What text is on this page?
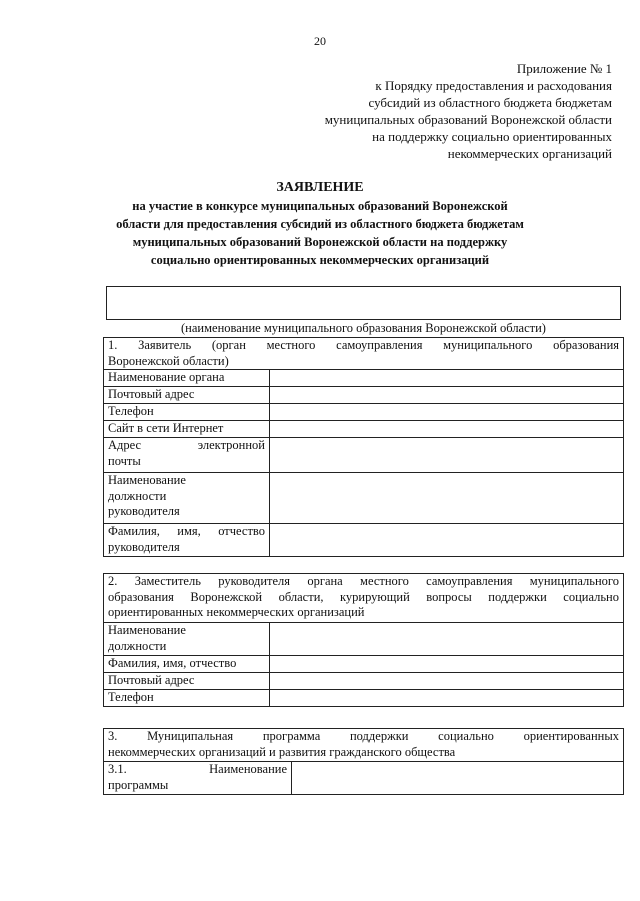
20
Приложение № 1
к Порядку предоставления и расходования
субсидий из областного бюджета бюджетам
муниципальных образований Воронежской области
на поддержку социально ориентированных
некоммерческих организаций
ЗАЯВЛЕНИЕ
на участие в конкурсе муниципальных образований Воронежской
области для предоставления субсидий из областного бюджета бюджетам
муниципальных образований Воронежской области на поддержку
социально ориентированных некоммерческих организаций
(наименование муниципального образования Воронежской области)
1. Заявитель (орган местного самоуправления муниципального образования
Воронежской области)	

Наименование органа	
Почтовый адрес	
Телефон	
Сайт в сети Интернет	

Адрес электронной
почты	

Наименование
должности
руководителя	

Фамилия, имя, отчество
руководителя	

2. Заместитель руководителя органа местного самоуправления муниципального
образования Воронежской области, курирующий вопросы поддержки социально
ориентированных некоммерческих организаций	

Наименование
должности	

Фамилия, имя, отчество	
Почтовый адрес	
Телефон	
3. Муниципальная программа поддержки социально ориентированных
некоммерческих организаций и развития гражданского общества

3.1. Наименование
программы
